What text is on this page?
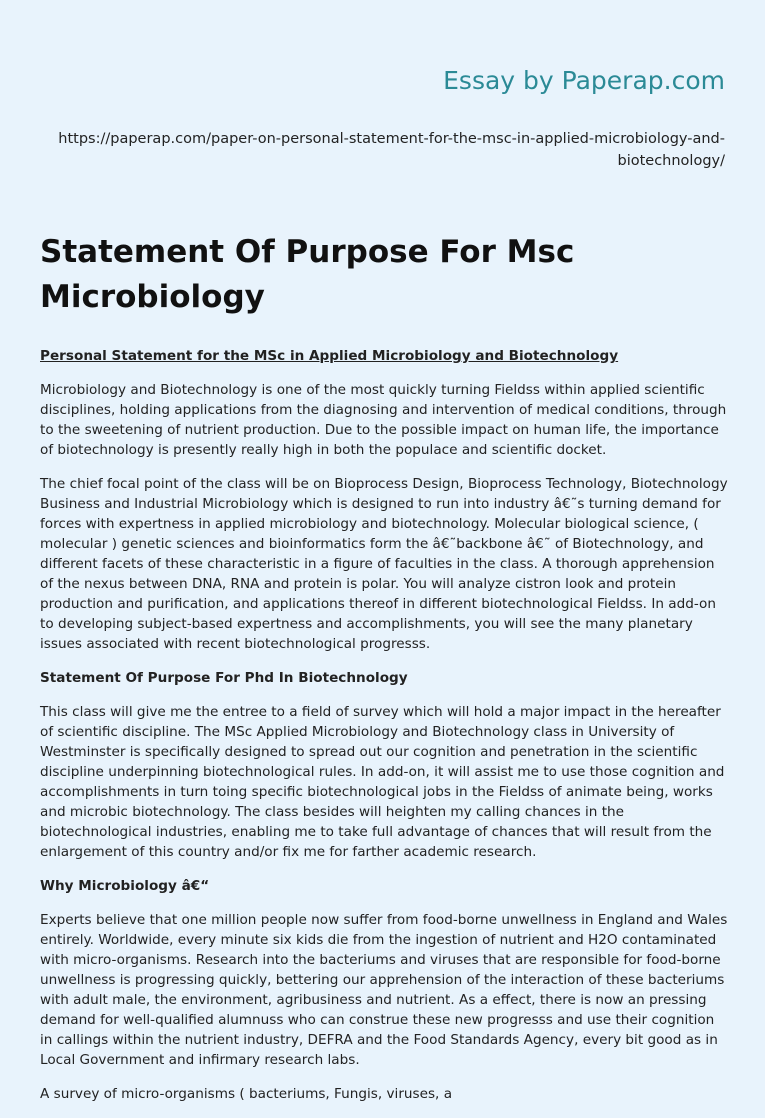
Essay by Paperap.com
https://paperap.com/paper-on-personal-statement-for-the-msc-in-applied-microbiology-and-biotechnology/
Statement Of Purpose For Msc Microbiology

Personal Statement for the MSc in Applied Microbiology and Biotechnology

Microbiology and Biotechnology is one of the most quickly turning Fieldss within applied scientific disciplines, holding applications from the diagnosing and intervention of medical conditions, through to the sweetening of nutrient production. Due to the possible impact on human life, the importance of biotechnology is presently really high in both the populace and scientific docket.

The chief focal point of the class will be on Bioprocess Design, Bioprocess Technology, Biotechnology Business and Industrial Microbiology which is designed to run into industry â€˜s turning demand for forces with expertness in applied microbiology and biotechnology. Molecular biological science, ( molecular ) genetic sciences and bioinformatics form the â€˜backbone â€˜ of Biotechnology, and different facets of these characteristic in a figure of faculties in the class. A thorough apprehension of the nexus between DNA, RNA and protein is polar. You will analyze cistron look and protein production and purification, and applications thereof in different biotechnological Fieldss. In add-on to developing subject-based expertness and accomplishments, you will see the many planetary issues associated with recent biotechnological progresss.

Statement Of Purpose For Phd In Biotechnology

This class will give me the entree to a field of survey which will hold a major impact in the hereafter of scientific discipline. The MSc Applied Microbiology and Biotechnology class in University of Westminster is specifically designed to spread out our cognition and penetration in the scientific discipline underpinning biotechnological rules. In add-on, it will assist me to use those cognition and accomplishments in turn toing specific biotechnological jobs in the Fieldss of animate being, works and microbic biotechnology. The class besides will heighten my calling chances in the biotechnological industries, enabling me to take full advantage of chances that will result from the enlargement of this country and/or fix me for farther academic research.

Why Microbiology â€“

Experts believe that one million people now suffer from food-borne unwellness in England and Wales entirely. Worldwide, every minute six kids die from the ingestion of nutrient and H2O contaminated with micro-organisms. Research into the bacteriums and viruses that are responsible for food-borne unwellness is progressing quickly, bettering our apprehension of the interaction of these bacteriums with adult male, the environment, agribusiness and nutrient. As a effect, there is now an pressing demand for well-qualified alumnuss who can construe these new progresss and use their cognition in callings within the nutrient industry, DEFRA and the Food Standards Agency, every bit good as in Local Government and infirmary research labs.

A survey of micro-organisms ( bacteriums, Fungis, viruses, a
